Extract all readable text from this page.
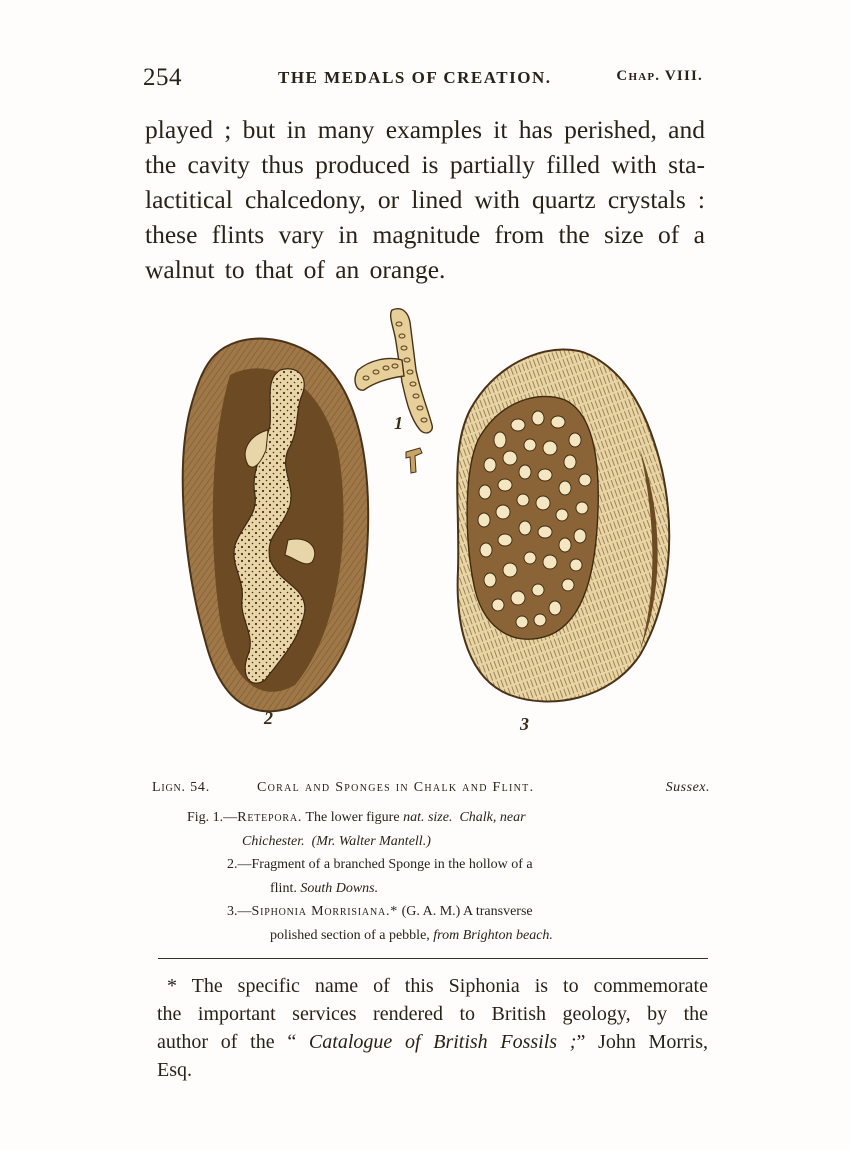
254	THE MEDALS OF CREATION.	Chap. VIII.
played ; but in many examples it has perished, and
the cavity thus produced is partially filled with sta-
lactitical chalcedony, or lined with quartz crystals :
these flints vary in magnitude from the size of a
walnut to that of an orange.
1
2	3
Lign. 54.	Coral and Sponges in Chalk and Flint.	Sussex.
Fig. 1.—Retepora. The lower figure nat. size. Chalk, near
Chichester. (Mr. Walter Mantell.)
2.—Fragment of a branched Sponge in the hollow of a
flint. South Downs.
3.—Siphonia Morrisiana.* (G. A. M.) A transverse
polished section of a pebble, from Brighton beach.
* The specific name of this Siphonia is to commemorate
the important services rendered to British geology, by the
author of the “ Catalogue of British Fossils ;” John Morris,
Esq.
